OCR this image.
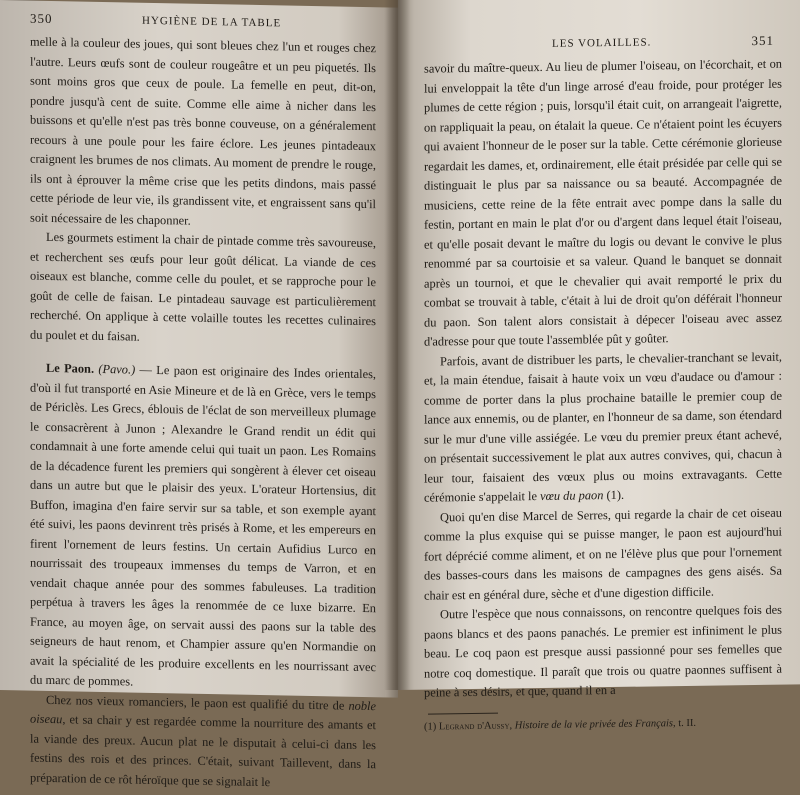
350	HYGIÈNE DE LA TABLE

melle à la couleur des joues, qui sont bleues chez l'un et rouges chez l'autre. Leurs œufs sont de couleur rougeâtre et un peu piquetés. Ils sont moins gros que ceux de poule. La femelle en peut, dit-on, pondre jusqu'à cent de suite. Comme elle aime à nicher dans les buissons et qu'elle n'est pas très bonne couveuse, on a généralement recours à une poule pour les faire éclore. Les jeunes pintadeaux craignent les brumes de nos climats. Au moment de prendre le rouge, ils ont à éprouver la même crise que les petits dindons, mais passé cette période de leur vie, ils grandissent vite, et engraissent sans qu'il soit nécessaire de les chaponner.

Les gourmets estiment la chair de pintade comme très savoureuse, et recherchent ses œufs pour leur goût délicat. La viande de ces oiseaux est blanche, comme celle du poulet, et se rapproche pour le goût de celle de faisan. Le pintadeau sauvage est particulièrement recherché. On applique à cette volaille toutes les recettes culinaires du poulet et du faisan.

Le Paon. (Pavo.) — Le paon est originaire des Indes orientales, d'où il fut transporté en Asie Mineure et de là en Grèce, vers le temps de Périclès. Les Grecs, éblouis de l'éclat de son merveilleux plumage le consacrèrent à Junon ; Alexandre le Grand rendit un édit qui condamnait à une forte amende celui qui tuait un paon. Les Romains de la décadence furent les premiers qui songèrent à élever cet oiseau dans un autre but que le plaisir des yeux. L'orateur Hortensius, dit Buffon, imagina d'en faire servir sur sa table, et son exemple ayant été suivi, les paons devinrent très prisés à Rome, et les empereurs en firent l'ornement de leurs festins. Un certain Aufidius Lurco en nourrissait des troupeaux immenses du temps de Varron, et en vendait chaque année pour des sommes fabuleuses. La tradition perpétua à travers les âges la renommée de ce luxe bizarre. En France, au moyen âge, on servait aussi des paons sur la table des seigneurs de haut renom, et Champier assure qu'en Normandie on avait la spécialité de les produire excellents en les nourrissant avec du marc de pommes.

Chez nos vieux romanciers, le paon est qualifié du titre de noble oiseau, et sa chair y est regardée comme la nourriture des amants et la viande des preux. Aucun plat ne le disputait à celui-ci dans les festins des rois et des princes. C'était, suivant Taillevent, dans la préparation de ce rôt héroïque que se signalait le

LES VOLAILLES.	351

savoir du maître-queux. Au lieu de plumer l'oiseau, on l'écorchait, et on lui enveloppait la tête d'un linge arrosé d'eau froide, pour protéger les plumes de cette région ; puis, lorsqu'il était cuit, on arrangeait l'aigrette, on rappliquait la peau, on étalait la queue. Ce n'étaient point les écuyers qui avaient l'honneur de le poser sur la table. Cette cérémonie glorieuse regardait les dames, et, ordinairement, elle était présidée par celle qui se distinguait le plus par sa naissance ou sa beauté. Accompagnée de musiciens, cette reine de la fête entrait avec pompe dans la salle du festin, portant en main le plat d'or ou d'argent dans lequel était l'oiseau, et qu'elle posait devant le maître du logis ou devant le convive le plus renommé par sa courtoisie et sa valeur. Quand le banquet se donnait après un tournoi, et que le chevalier qui avait remporté le prix du combat se trouvait à table, c'était à lui de droit qu'on déférait l'honneur du paon. Son talent alors consistait à dépecer l'oiseau avec assez d'adresse pour que toute l'assemblée pût y goûter.

Parfois, avant de distribuer les parts, le chevalier-tranchant se levait, et, la main étendue, faisait à haute voix un vœu d'audace ou d'amour : comme de porter dans la plus prochaine bataille le premier coup de lance aux ennemis, ou de planter, en l'honneur de sa dame, son étendard sur le mur d'une ville assiégée. Le vœu du premier preux étant achevé, on présentait successivement le plat aux autres convives, qui, chacun à leur tour, faisaient des vœux plus ou moins extravagants. Cette cérémonie s'appelait le vœu du paon (1).

Quoi qu'en dise Marcel de Serres, qui regarde la chair de cet oiseau comme la plus exquise qui se puisse manger, le paon est aujourd'hui fort déprécié comme aliment, et on ne l'élève plus que pour l'ornement des basses-cours dans les maisons de campagnes des gens aisés. Sa chair est en général dure, sèche et d'une digestion difficile.

Outre l'espèce que nous connaissons, on rencontre quelques fois des paons blancs et des paons panachés. Le premier est infiniment le plus beau. Le coq paon est presque aussi passionné pour ses femelles que notre coq domestique. Il paraît que trois ou quatre paonnes suffisent à peine à ses désirs, et que, quand il en a

(1) Legrand d'Aussy, Histoire de la vie privée des Français, t. II.
